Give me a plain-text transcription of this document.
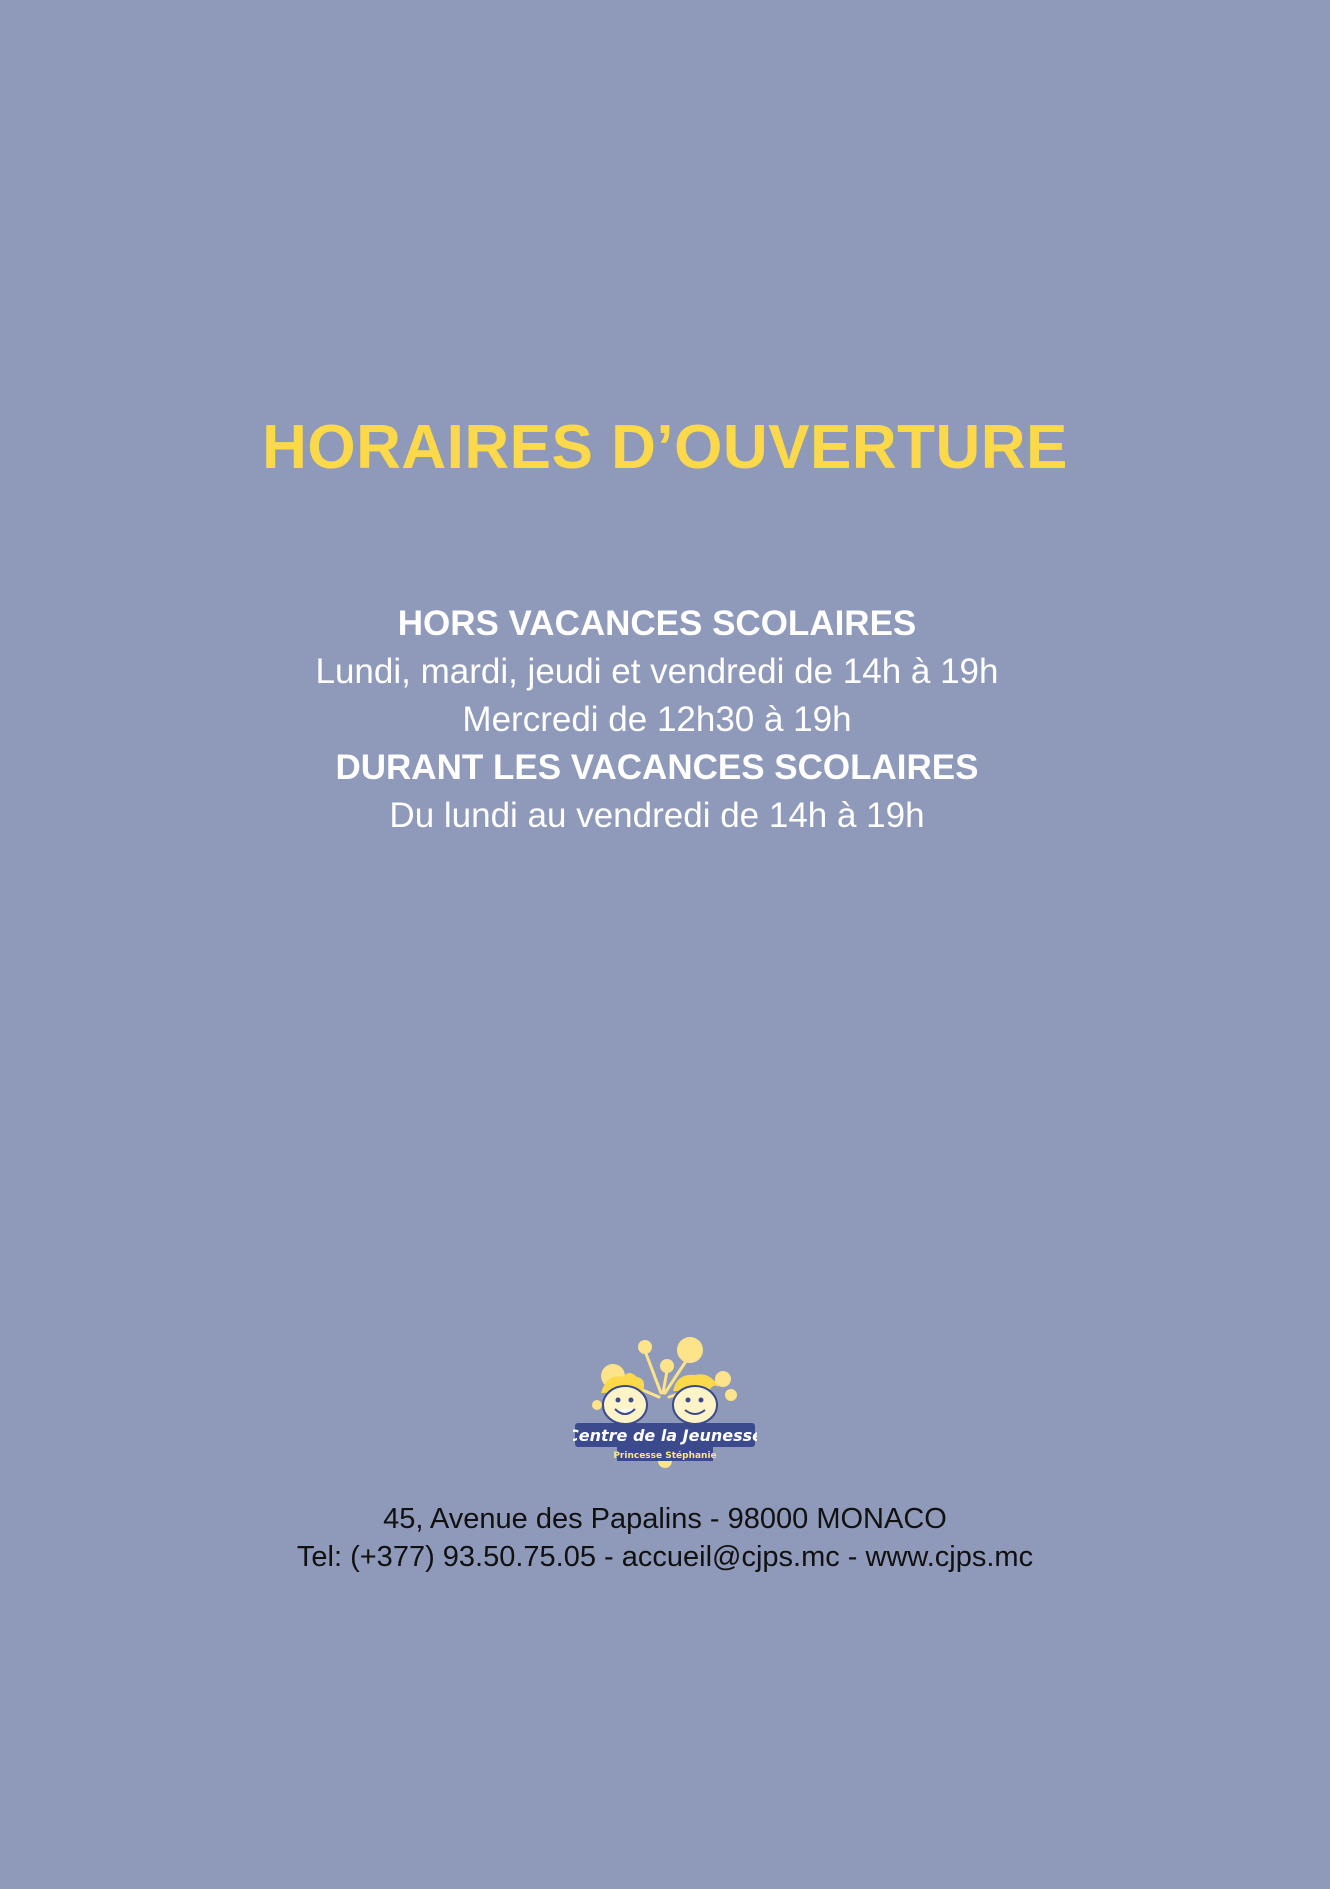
HORAIRES D’OUVERTURE
HORS VACANCES SCOLAIRES
Lundi, mardi, jeudi et vendredi de 14h à 19h
Mercredi de 12h30 à 19h
DURANT LES VACANCES SCOLAIRES
Du lundi au vendredi de 14h à 19h
Centre de la Jeunesse
Princesse Stéphanie
45, Avenue des Papalins - 98000 MONACO
Tel: (+377) 93.50.75.05 - accueil@cjps.mc - www.cjps.mc
